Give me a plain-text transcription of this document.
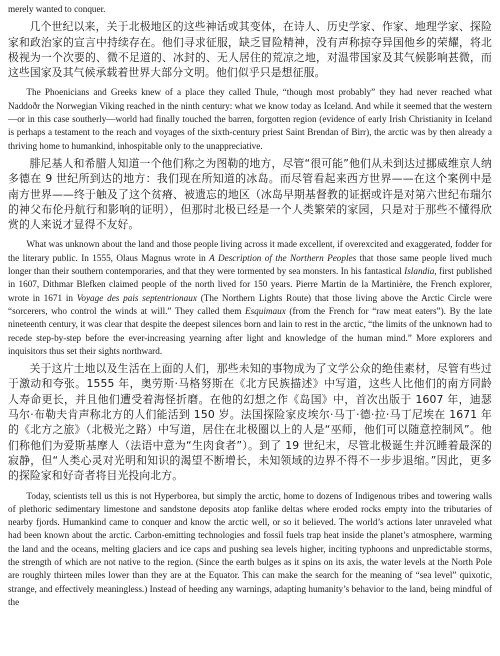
merely wanted to conquer.

几个世纪以来，关于北极地区的这些神话或其变体，在诗人、历史学家、作家、地理学家、探险家和政治家的宣言中持续存在。他们寻求征服，缺乏冒险精神，没有声称掠夺异国他乡的荣耀，将北极视为一个次要的、微不足道的、冰封的、无人居住的荒凉之地，对温带国家及其气候影响甚微，而这些国家及其气候承载着世界大部分文明。他们似乎只是想征服。

The Phoenicians and Greeks knew of a place they called Thule, “though most probably” they had never reached what Naddoðr the Norwegian Viking reached in the ninth century: what we know today as Iceland. And while it seemed that the western—or in this case southerly—world had finally touched the barren, forgotten region (evidence of early Irish Christianity in Iceland is perhaps a testament to the reach and voyages of the sixth-century priest Saint Brendan of Birr), the arctic was by then already a thriving home to humankind, inhospitable only to the unappreciative.

腓尼基人和希腊人知道一个他们称之为图勒的地方，尽管“很可能”他们从未到达过挪威维京人纳多德在 9 世纪所到达的地方：我们现在所知道的冰岛。而尽管看起来西方世界——在这个案例中是南方世界——终于触及了这个贫瘠、被遗忘的地区（冰岛早期基督教的证据或许是对第六世纪布瑞尔的神父布伦丹航行和影响的证明），但那时北极已经是一个人类繁荣的家园，只是对于那些不懂得欣赏的人来说才显得不友好。

What was unknown about the land and those people living across it made excellent, if overexcited and exaggerated, fodder for the literary public. In 1555, Olaus Magnus wrote in A Description of the Northern Peoples that those same people lived much longer than their southern contemporaries, and that they were tormented by sea monsters. In his fantastical Islandia, first published in 1607, Dithmar Blefken claimed people of the north lived for 150 years. Pierre Martin de la Martinière, the French explorer, wrote in 1671 in Voyage des pais septentrionaux (The Northern Lights Route) that those living above the Arctic Circle were “sorcerers, who control the winds at will.” They called them Esquimaux (from the French for “raw meat eaters”). By the late nineteenth century, it was clear that despite the deepest silences born and lain to rest in the arctic, “the limits of the unknown had to recede step-by-step before the ever-increasing yearning after light and knowledge of the human mind.” More explorers and inquisitors thus set their sights northward.

关于这片土地以及生活在上面的人们，那些未知的事物成为了文学公众的绝佳素材，尽管有些过于激动和夸张。1555 年，奥劳斯·马格努斯在《北方民族描述》中写道，这些人比他们的南方同龄人寿命更长，并且他们遭受着海怪折磨。在他的幻想之作《岛国》中，首次出版于 1607 年，迪瑟马尔·布勒夫肯声称北方的人们能活到 150 岁。法国探险家皮埃尔·马丁·德·拉·马丁尼埃在 1671 年的《北方之旅》（北极光之路）中写道，居住在北极圈以上的人是“巫师，他们可以随意控制风”。他们称他们为爱斯基摩人（法语中意为“生肉食者”）。到了 19 世纪末，尽管北极诞生并沉睡着最深的寂静，但“人类心灵对光明和知识的渴望不断增长，未知领域的边界不得不一步步退缩。”因此，更多的探险家和好奇者将目光投向北方。

Today, scientists tell us this is not Hyperborea, but simply the arctic, home to dozens of Indigenous tribes and towering walls of plethoric sedimentary limestone and sandstone deposits atop fanlike deltas where eroded rocks empty into the tributaries of nearby fjords. Humankind came to conquer and know the arctic well, or so it believed. The world’s actions later unraveled what had been known about the arctic. Carbon-emitting technologies and fossil fuels trap heat inside the planet’s atmosphere, warming the land and the oceans, melting glaciers and ice caps and pushing sea levels higher, inciting typhoons and unpredictable storms, the strength of which are not native to the region. (Since the earth bulges as it spins on its axis, the water levels at the North Pole are roughly thirteen miles lower than they are at the Equator. This can make the search for the meaning of “sea level” quixotic, strange, and effectively meaningless.) Instead of heeding any warnings, adapting humanity’s behavior to the land, being mindful of the
